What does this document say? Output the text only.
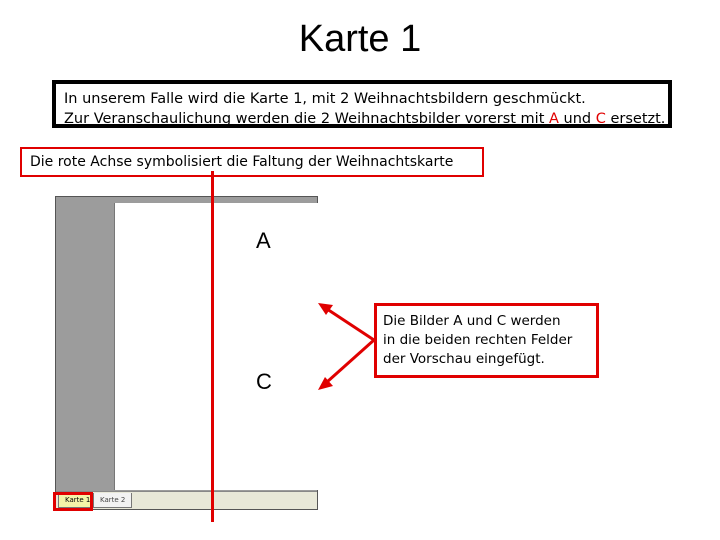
Karte 1
In unserem Falle wird die Karte 1, mit 2 Weihnachtsbildern geschmückt.
Zur Veranschaulichung werden die 2 Weihnachtsbilder vorerst mit A und C ersetzt.
A
C
Karte 1	Karte 2
Die rote Achse symbolisiert die Faltung der Weihnachtskarte
Die Bilder A und C werden
in die beiden rechten Felder
der Vorschau eingefügt.
